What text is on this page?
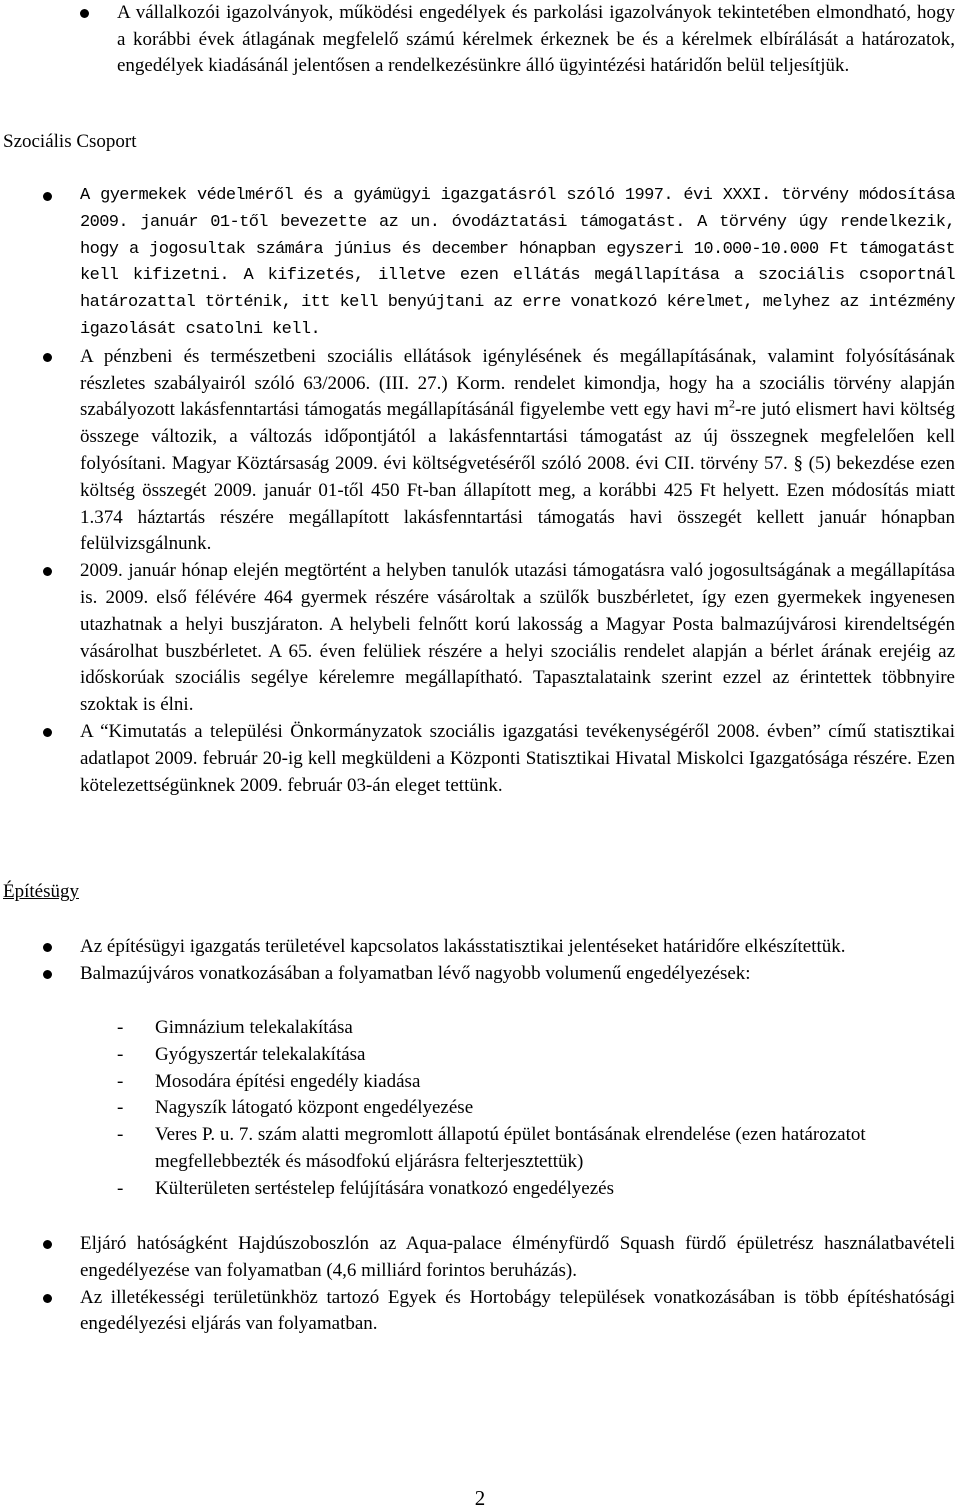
A vállalkozói igazolványok, működési engedélyek és parkolási igazolványok tekintetében elmondható, hogy a korábbi évek átlagának megfelelő számú kérelmek érkeznek be és a kérelmek elbírálását a határozatok, engedélyek kiadásánál jelentősen a rendelkezésünkre álló ügyintézési határidőn belül teljesítjük.
Szociális Csoport
A gyermekek védelméről és a gyámügyi igazgatásról szóló 1997. évi XXXI. törvény módosítása 2009. január 01-től bevezette az un. óvodáztatási támogatást. A törvény úgy rendelkezik, hogy a jogosultak számára június és december hónapban egyszeri 10.000-10.000 Ft támogatást kell kifizetni. A kifizetés, illetve ezen ellátás megállapítása a szociális csoportnál határozattal történik, itt kell benyújtani az erre vonatkozó kérelmet, melyhez az intézmény igazolását csatolni kell.
A pénzbeni és természetbeni szociális ellátások igénylésének és megállapításának, valamint folyósításának részletes szabályairól szóló 63/2006. (III. 27.) Korm. rendelet kimondja, hogy ha a szociális törvény alapján szabályozott lakásfenntartási támogatás megállapításánál figyelembe vett egy havi $m^2-re$ jutó elismert havi költség összege változik, a változás időpontjától a lakásfenntartási támogatást az új összegnek megfelelően kell folyósítani. Magyar Köztársaság 2009. évi költségvetéséről szóló 2008. évi CII. törvény 57. § (5) bekezdése ezen költség összegét 2009. január 01-től 450 Ft-ban állapított meg, a korábbi 425 Ft helyett. Ezen módosítás miatt 1.374 háztartás részére megállapított lakásfenntartási támogatás havi összegét kellett január hónapban felülvizsgálnunk.
2009. január hónap elején megtörtént a helyben tanulók utazási támogatásra való jogosultságának a megállapítása is. 2009. első félévére 464 gyermek részére vásároltak a szülők buszbérletet, így ezen gyermekek ingyenesen utazhatnak a helyi buszjáraton. A helybeli felnőtt korú lakosság a Magyar Posta balmazújvárosi kirendeltségén vásárolhat buszbérletet. A 65. éven felüliek részére a helyi szociális rendelet alapján a bérlet árának erejéig az időskorúak szociális segélye kérelemre megállapítható. Tapasztalataink szerint ezzel az érintettek többnyire szoktak is élni.
A “Kimutatás a települési Önkormányzatok szociális igazgatási tevékenységéről 2008. évben” című statisztikai adatlapot 2009. február 20-ig kell megküldeni a Központi Statisztikai Hivatal Miskolci Igazgatósága részére. Ezen kötelezettségünknek 2009. február 03-án eleget tettünk.
Építésügy
Az építésügyi igazgatás területével kapcsolatos lakásstatisztikai jelentéseket határidőre elkészítettük.
Balmazújváros vonatkozásában a folyamatban lévő nagyobb volumenű engedélyezések:
- Gimnázium telekalakítása
- Gyógyszertár telekalakítása
- Mosodára építési engedély kiadása
- Nagyszík látogató központ engedélyezése
- Veres P. u. 7. szám alatti megromlott állapotú épület bontásának elrendelése (ezen határozatot megfellebbezték és másodfokú eljárásra felterjesztettük)
- Külterületen sertéstelep felújítására vonatkozó engedélyezés
Eljáró hatóságként Hajdúszoboszlón az Aqua-palace élményfürdő Squash fürdő épületrész használatbavételi engedélyezése van folyamatban (4,6 milliárd forintos beruházás).
Az illetékességi területünkhöz tartozó Egyek és Hortobágy települések vonatkozásában is több építéshatósági engedélyezési eljárás van folyamatban.
2
